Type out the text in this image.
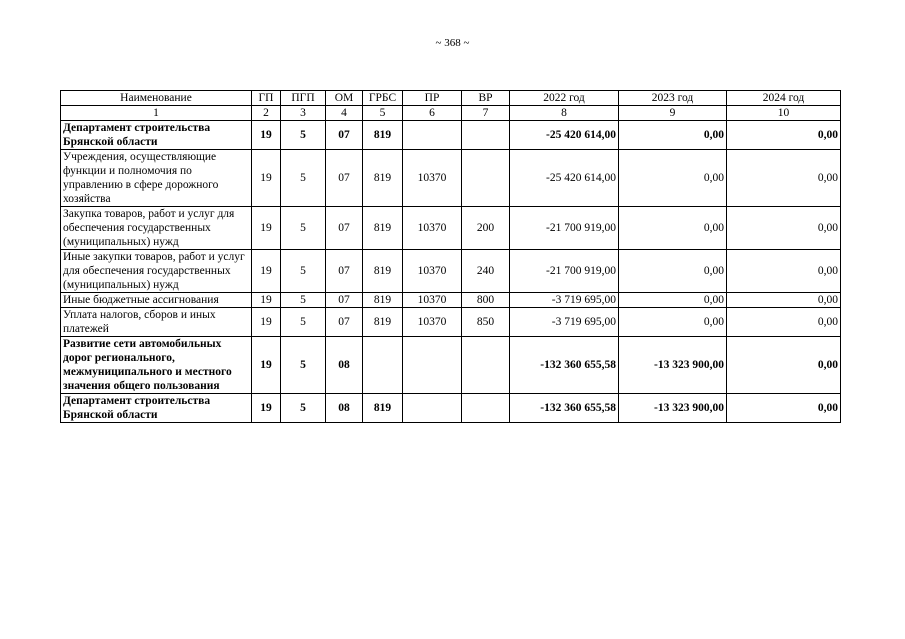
~ 368 ~
Наименование	ГП	ПГП	ОМ	ГРБС	ПР	ВР	2022 год	2023 год	2024 год
1	2	3	4	5	6	7	8	9	10
Департамент строительства Брянской области	19	5	07	819			-25 420 614,00	0,00	0,00
Учреждения, осуществляющие функции и полномочия по управлению в сфере дорожного хозяйства	19	5	07	819	10370		-25 420 614,00	0,00	0,00
Закупка товаров, работ и услуг для обеспечения государственных (муниципальных) нужд	19	5	07	819	10370	200	-21 700 919,00	0,00	0,00
Иные закупки товаров, работ и услуг для обеспечения государственных (муниципальных) нужд	19	5	07	819	10370	240	-21 700 919,00	0,00	0,00
Иные бюджетные ассигнования	19	5	07	819	10370	800	-3 719 695,00	0,00	0,00
Уплата налогов, сборов и иных платежей	19	5	07	819	10370	850	-3 719 695,00	0,00	0,00
Развитие сети автомобильных дорог регионального, межмуниципального и местного значения общего пользования	19	5	08				-132 360 655,58	-13 323 900,00	0,00
Департамент строительства Брянской области	19	5	08	819			-132 360 655,58	-13 323 900,00	0,00
